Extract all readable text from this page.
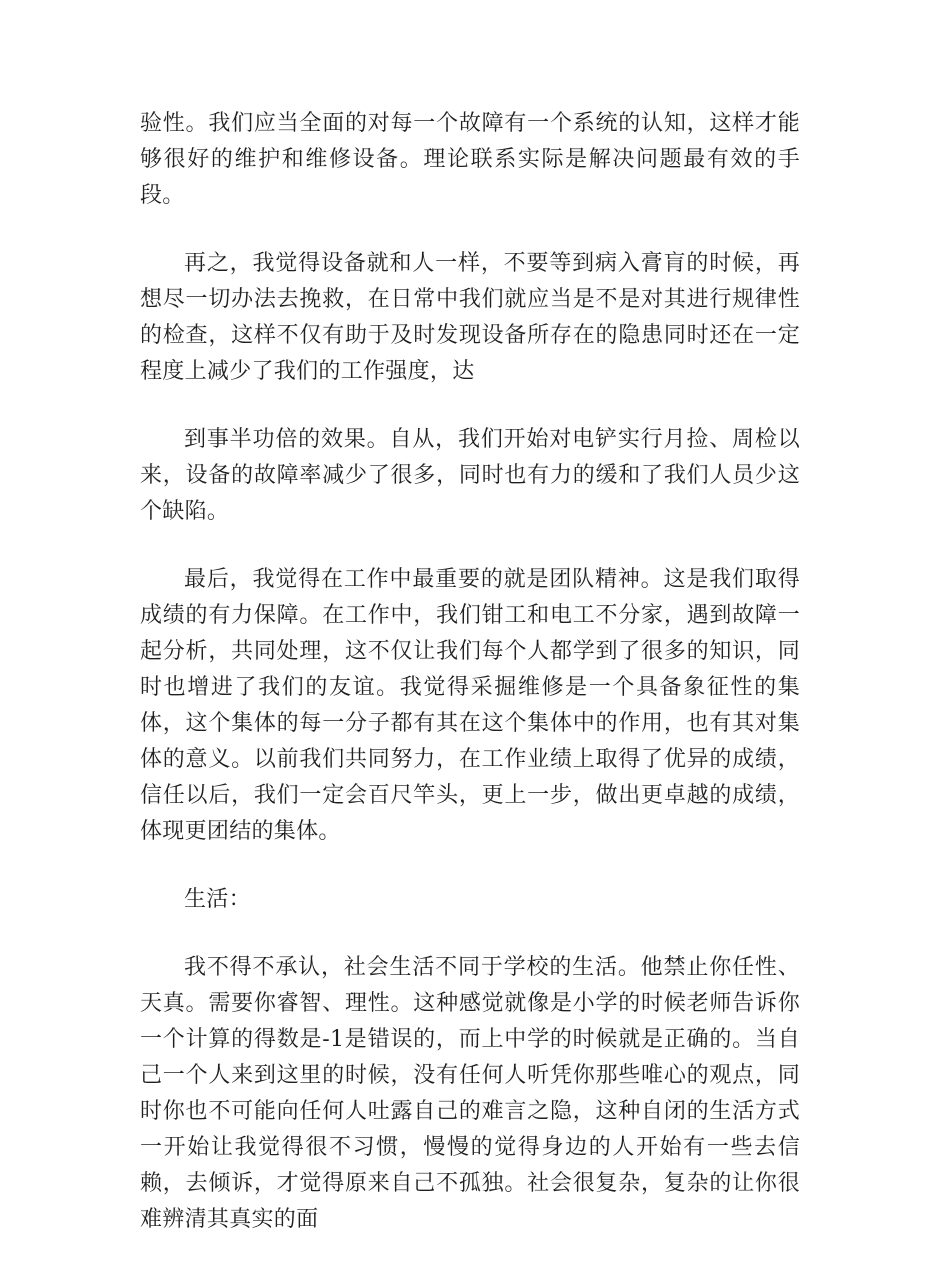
验性。我们应当全面的对每一个故障有一个系统的认知，这样才能够很好的维护和维修设备。理论联系实际是解决问题最有效的手段。

再之，我觉得设备就和人一样，不要等到病入膏肓的时候，再想尽一切办法去挽救，在日常中我们就应当是不是对其进行规律性的检查，这样不仅有助于及时发现设备所存在的隐患同时还在一定程度上减少了我们的工作强度，达

到事半功倍的效果。自从，我们开始对电铲实行月捡、周检以来，设备的故障率减少了很多，同时也有力的缓和了我们人员少这个缺陷。

最后，我觉得在工作中最重要的就是团队精神。这是我们取得成绩的有力保障。在工作中，我们钳工和电工不分家，遇到故障一起分析，共同处理，这不仅让我们每个人都学到了很多的知识，同时也增进了我们的友谊。我觉得采掘维修是一个具备象征性的集体，这个集体的每一分子都有其在这个集体中的作用，也有其对集体的意义。以前我们共同努力，在工作业绩上取得了优异的成绩，信任以后，我们一定会百尺竿头，更上一步，做出更卓越的成绩，体现更团结的集体。

生活：

我不得不承认，社会生活不同于学校的生活。他禁止你任性、天真。需要你睿智、理性。这种感觉就像是小学的时候老师告诉你一个计算的得数是-1是错误的，而上中学的时候就是正确的。当自己一个人来到这里的时候，没有任何人听凭你那些唯心的观点，同时你也不可能向任何人吐露自己的难言之隐，这种自闭的生活方式一开始让我觉得很不习惯，慢慢的觉得身边的人开始有一些去信赖，去倾诉，才觉得原来自己不孤独。社会很复杂，复杂的让你很难辨清其真实的面
